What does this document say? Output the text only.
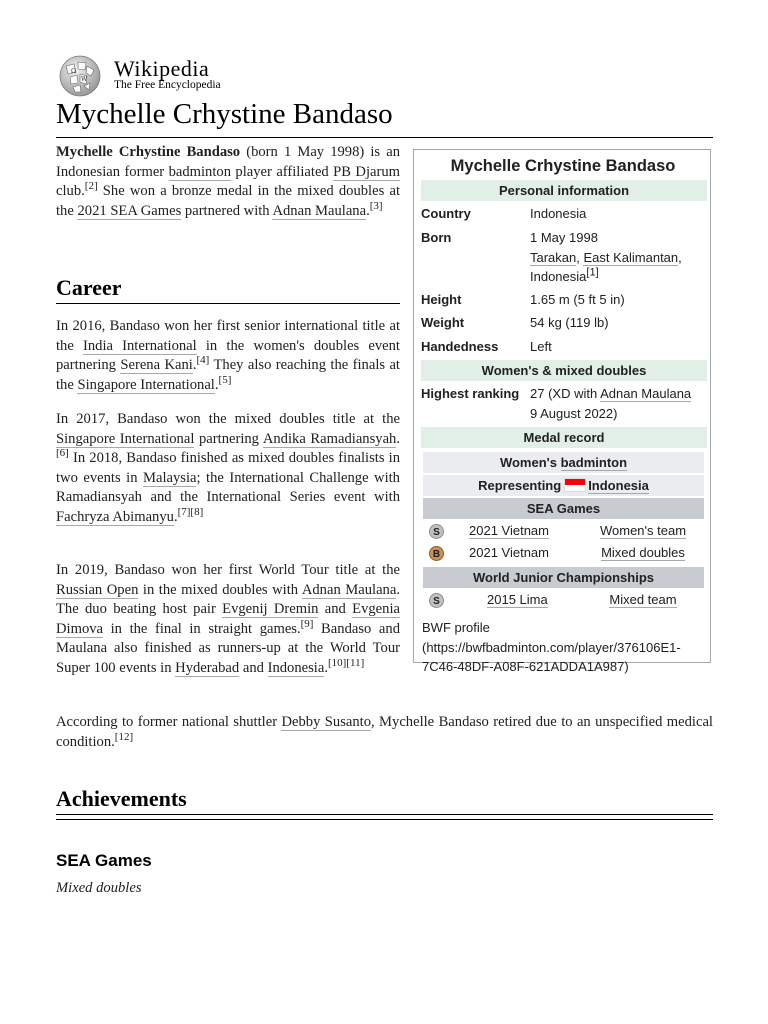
Ω
W Wikipedia
The Free Encyclopedia
Mychelle Crhystine Bandaso

Mychelle Crhystine Bandaso (born 1 May 1998) is an Indonesian former badminton player affiliated PB Djarum club.[2] She won a bronze medal in the mixed doubles at the 2021 SEA Games partnered with Adnan Maulana.[3]

Career

In 2016, Bandaso won her first senior international title at the India International in the women's doubles event partnering Serena Kani.[4] They also reaching the finals at the Singapore International.[5]

In 2017, Bandaso won the mixed doubles title at the Singapore International partnering Andika Ramadiansyah.[6] In 2018, Bandaso finished as mixed doubles finalists in two events in Malaysia; the International Challenge with Ramadiansyah and the International Series event with Fachryza Abimanyu.[7][8]

In 2019, Bandaso won her first World Tour title at the Russian Open in the mixed doubles with Adnan Maulana. The duo beating host pair Evgenij Dremin and Evgenia Dimova in the final in straight games.[9] Bandaso and Maulana also finished as runners-up at the World Tour Super 100 events in Hyderabad and Indonesia.[10][11]

According to former national shuttler Debby Susanto, Mychelle Bandaso retired due to an unspecified medical condition.[12]

Achievements
SEA Games

Mixed doubles

Mychelle Crhystine Bandaso
Personal information
Country	Indonesia
Born	1 May 1998
Tarakan, East Kalimantan, Indonesia[1]
Height	1.65 m (5 ft 5 in)
Weight	54 kg (119 lb)
Handedness Left
Women's & mixed doubles
Highest ranking 27 (XD with Adnan Maulana
9 August 2022)
Medal record
Women's badminton
Representing Indonesia
SEA Games
S	2021 Vietnam	Women's team
B 2021 Vietnam	Mixed doubles
World Junior Championships
S	2015 Lima	Mixed team
BWF profile (https://bwfbadminton.com/player/376106E1-7C46-48DF-A08F-621ADDA1A987)
